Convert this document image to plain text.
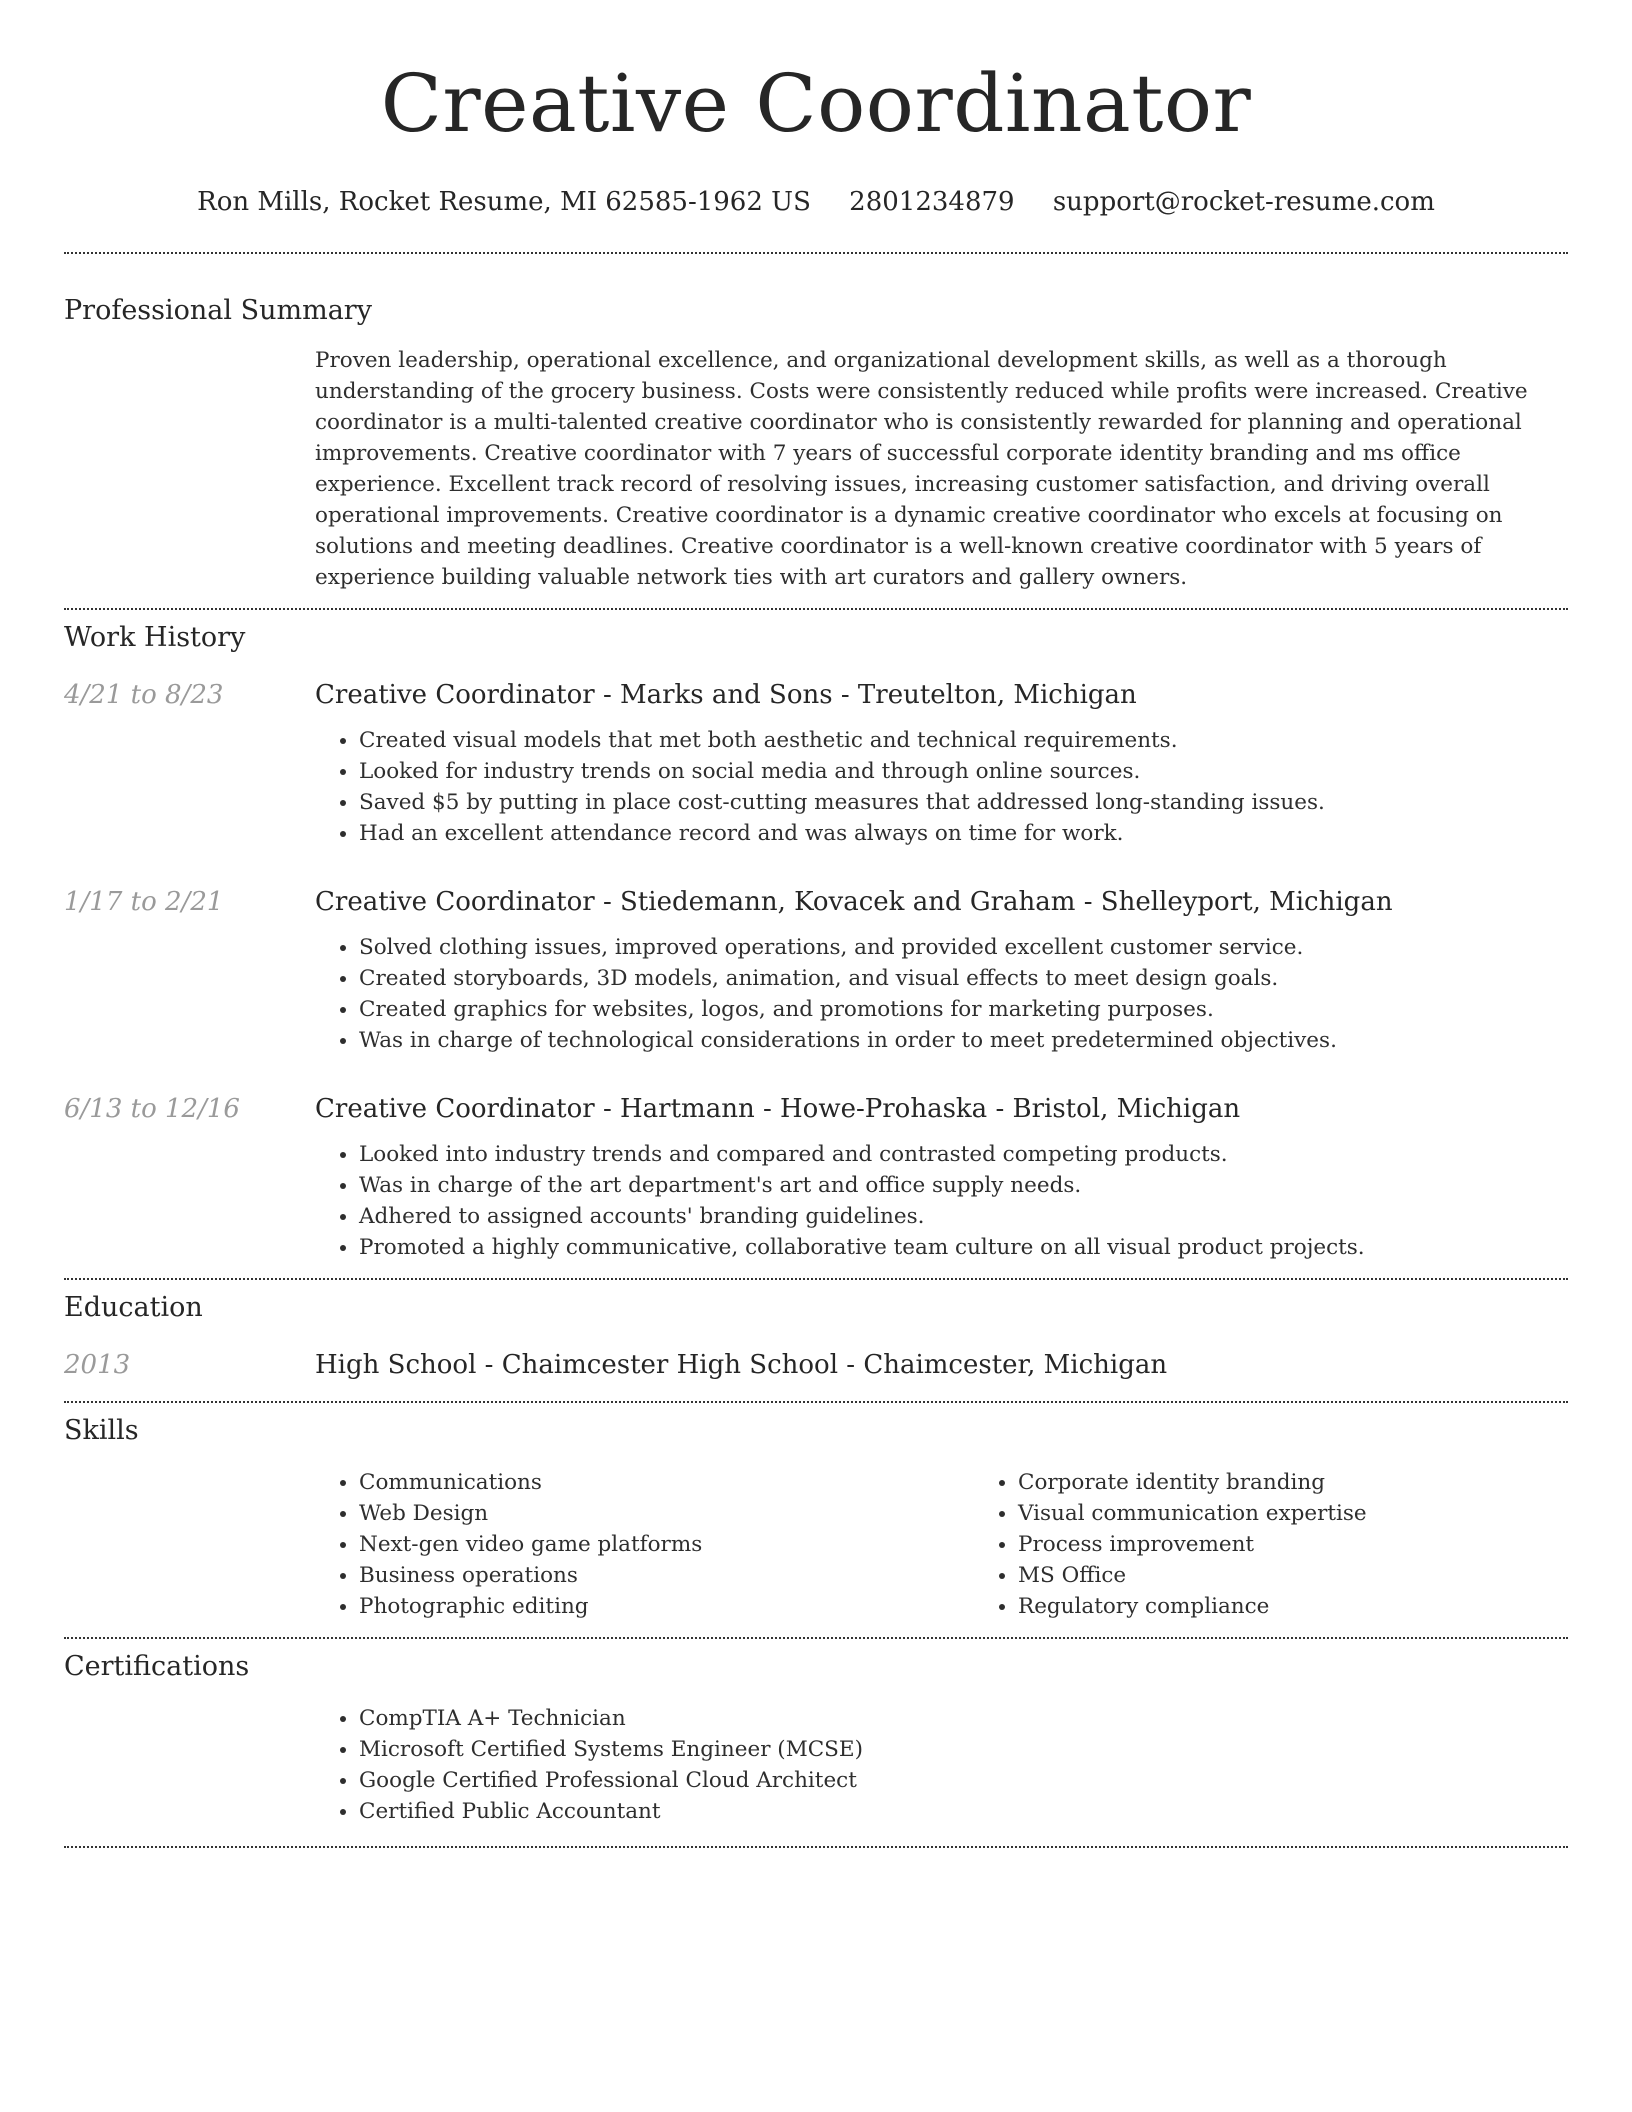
Creative Coordinator
Ron Mills, Rocket Resume, MI 62585-1962 US 2801234879 support@rocket-resume.com
Professional Summary

Proven leadership, operational excellence, and organizational development skills, as well as a thorough understanding of the grocery business. Costs were consistently reduced while profits were increased. Creative coordinator is a multi-talented creative coordinator who is consistently rewarded for planning and operational improvements. Creative coordinator with 7 years of successful corporate identity branding and ms office experience. Excellent track record of resolving issues, increasing customer satisfaction, and driving overall operational improvements. Creative coordinator is a dynamic creative coordinator who excels at focusing on solutions and meeting deadlines. Creative coordinator is a well-known creative coordinator with 5 years of experience building valuable network ties with art curators and gallery owners.

Work History
4/21 to 8/23	Creative Coordinator - Marks and Sons - Treutelton, Michigan
• Created visual models that met both aesthetic and technical requirements.
• Looked for industry trends on social media and through online sources.
• Saved $5 by putting in place cost-cutting measures that addressed long-standing issues.
• Had an excellent attendance record and was always on time for work.
1/17 to 2/21	Creative Coordinator - Stiedemann, Kovacek and Graham - Shelleyport, Michigan
• Solved clothing issues, improved operations, and provided excellent customer service.
• Created storyboards, 3D models, animation, and visual effects to meet design goals.
• Created graphics for websites, logos, and promotions for marketing purposes.
• Was in charge of technological considerations in order to meet predetermined objectives.
6/13 to 12/16	Creative Coordinator - Hartmann - Howe-Prohaska - Bristol, Michigan
• Looked into industry trends and compared and contrasted competing products.
• Was in charge of the art department's art and office supply needs.
• Adhered to assigned accounts' branding guidelines.
• Promoted a highly communicative, collaborative team culture on all visual product projects.
Education
2013	High School - Chaimcester High School - Chaimcester, Michigan
Skills
• Communications
• Web Design
• Next-gen video game platforms
• Business operations
• Photographic editing
• Corporate identity branding
• Visual communication expertise
• Process improvement
• MS Office
• Regulatory compliance
Certifications
• CompTIA A+ Technician
• Microsoft Certified Systems Engineer (MCSE)
• Google Certified Professional Cloud Architect
• Certified Public Accountant
